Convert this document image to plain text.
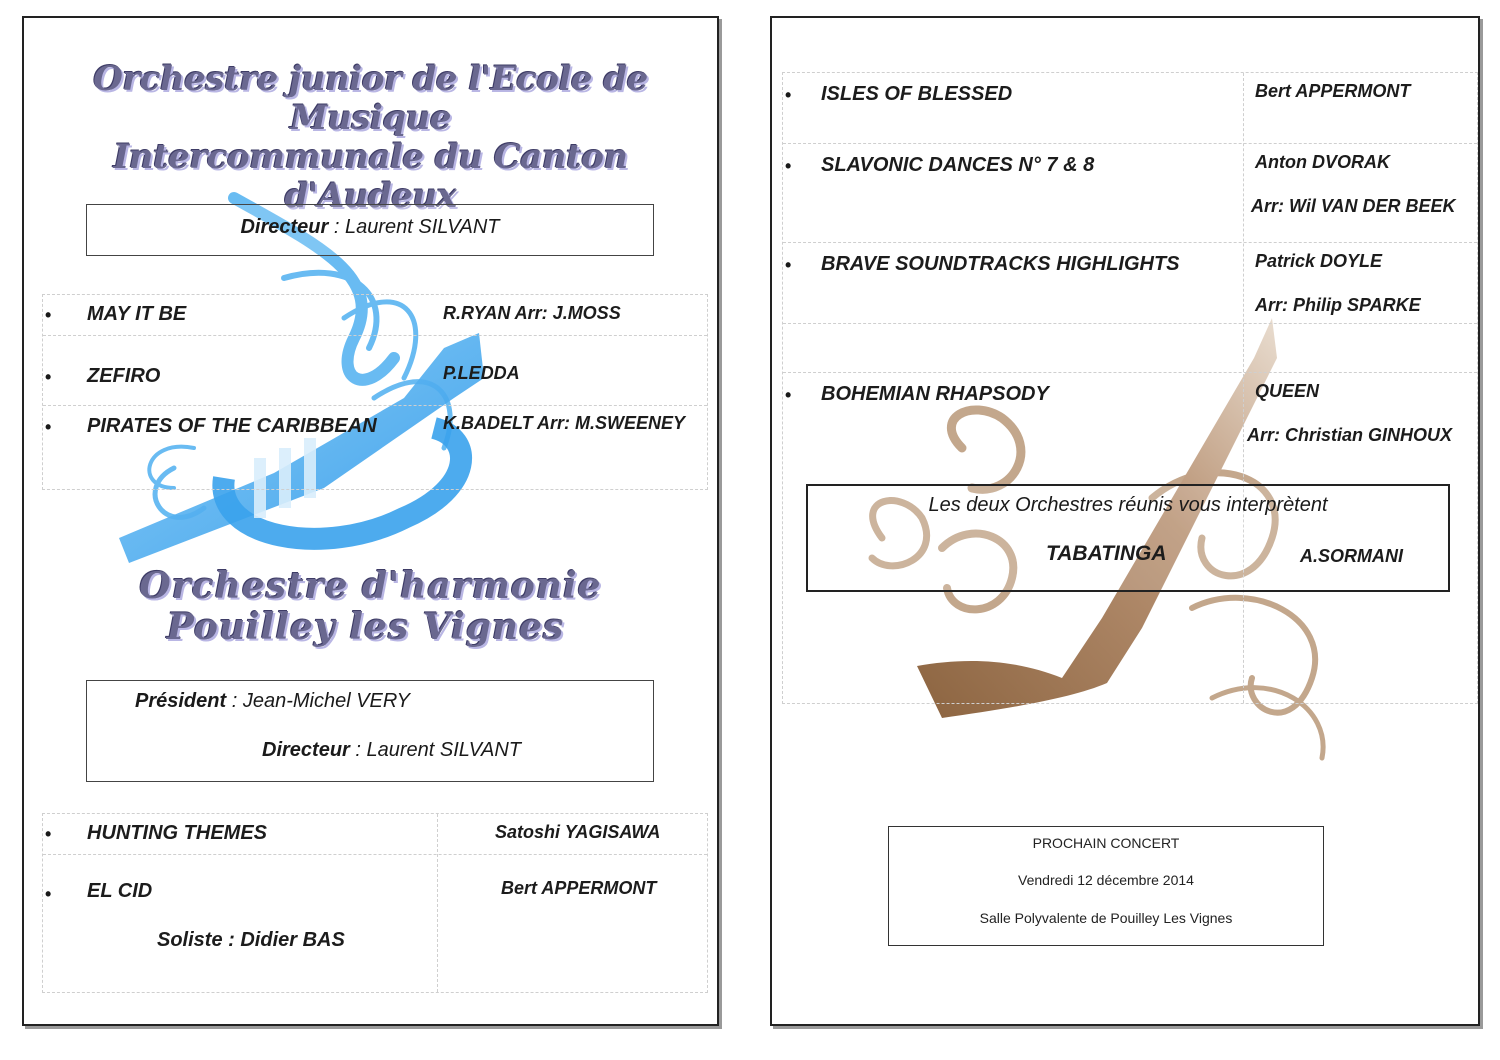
Orchestre junior de l'Ecole de Musique
Intercommunale du Canton d'Audeux
Directeur : Laurent SILVANT
• MAY IT BE	R.RYAN Arr: J.MOSS
• ZEFIRO	P.LEDDA
• PIRATES OF THE CARIBBEAN	K.BADELT Arr: M.SWEENEY
Orchestre d'harmonie
Pouilley les Vignes
Président : Jean-Michel VERY
Directeur : Laurent SILVANT
• HUNTING THEMES	Satoshi YAGISAWA
• EL CID	Bert APPERMONT
Soliste : Didier BAS
• ISLES OF BLESSED	Bert APPERMONT
• SLAVONIC DANCES N° 7 & 8	Anton DVORAK
Arr: Wil VAN DER BEEK
• BRAVE SOUNDTRACKS HIGHLIGHTS	Patrick DOYLE
Arr: Philip SPARKE
• BOHEMIAN RHAPSODY	QUEEN
Arr: Christian GINHOUX
Les deux Orchestres réunis vous interprètent
TABATINGA	A.SORMANI
PROCHAIN CONCERT
Vendredi 12 décembre 2014
Salle Polyvalente de Pouilley Les Vignes
